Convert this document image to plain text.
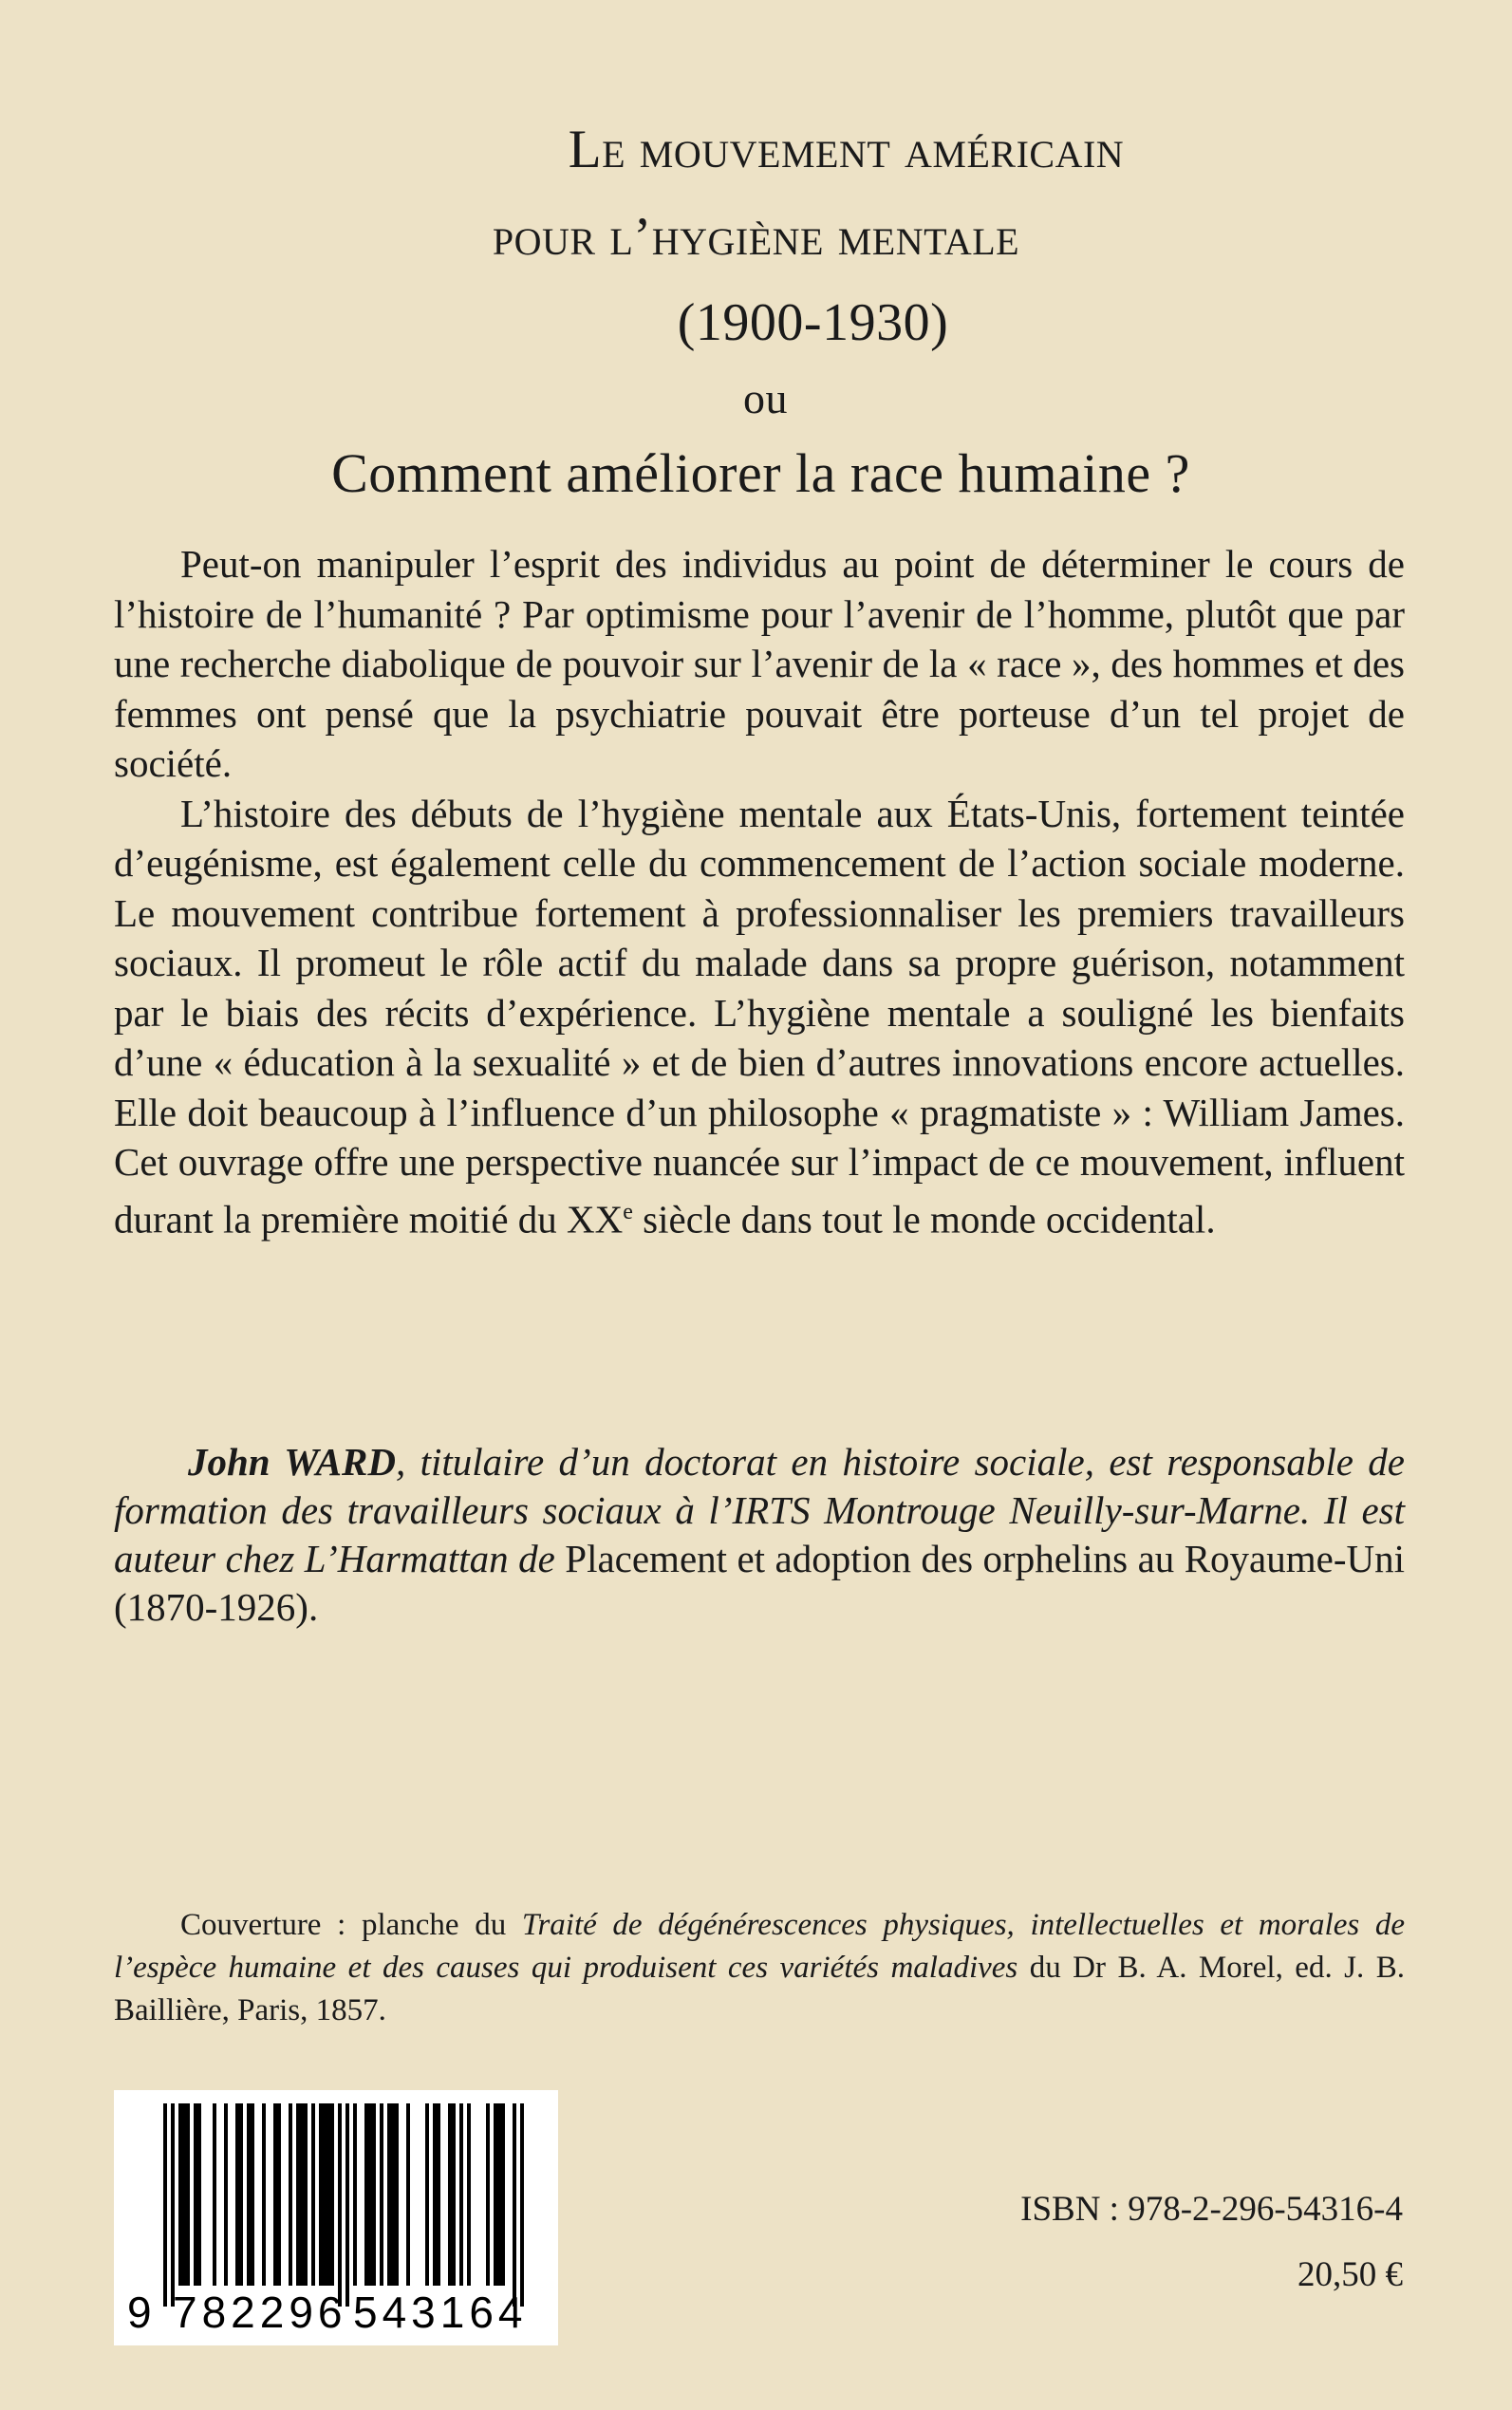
Le mouvement américain
pour l’hygiène mentale
(1900-1930)
ou
Comment améliorer la race humaine ?

Peut-on manipuler l’esprit des individus au point de déterminer le cours de l’histoire de l’humanité ? Par optimisme pour l’avenir de l’homme, plutôt que par une recherche diabolique de pouvoir sur l’avenir de la « race », des hommes et des femmes ont pensé que la psychiatrie pouvait être porteuse d’un tel projet de société.

L’histoire des débuts de l’hygiène mentale aux États-Unis, fortement teintée d’eugénisme, est également celle du commencement de l’action sociale moderne. Le mouvement contribue fortement à professionnaliser les premiers travailleurs sociaux. Il promeut le rôle actif du malade dans sa propre guérison, notamment par le biais des récits d’expérience. L’hygiène mentale a souligné les bienfaits d’une « éducation à la sexualité » et de bien d’autres innovations encore actuelles. Elle doit beaucoup à l’influence d’un philosophe « pragmatiste » : William James. Cet ouvrage offre une perspective nuancée sur l’impact de ce mouvement, influent durant la première moitié du XXe siècle dans tout le monde occidental.

John WARD, titulaire d’un doctorat en histoire sociale, est responsable de formation des travailleurs sociaux à l’IRTS Montrouge Neuilly-sur-Marne. Il est auteur chez L’Harmattan de Placement et adoption des orphelins au Royaume-Uni (1870-1926).
Couverture : planche du Traité de dégénérescences physiques, intellectuelles et morales de l’espèce humaine et des causes qui produisent ces variétés maladives du Dr B. A. Morel, ed. J. B. Baillière, Paris, 1857.
9 782296 543164
ISBN : 978-2-296-54316-4
20,50 €
